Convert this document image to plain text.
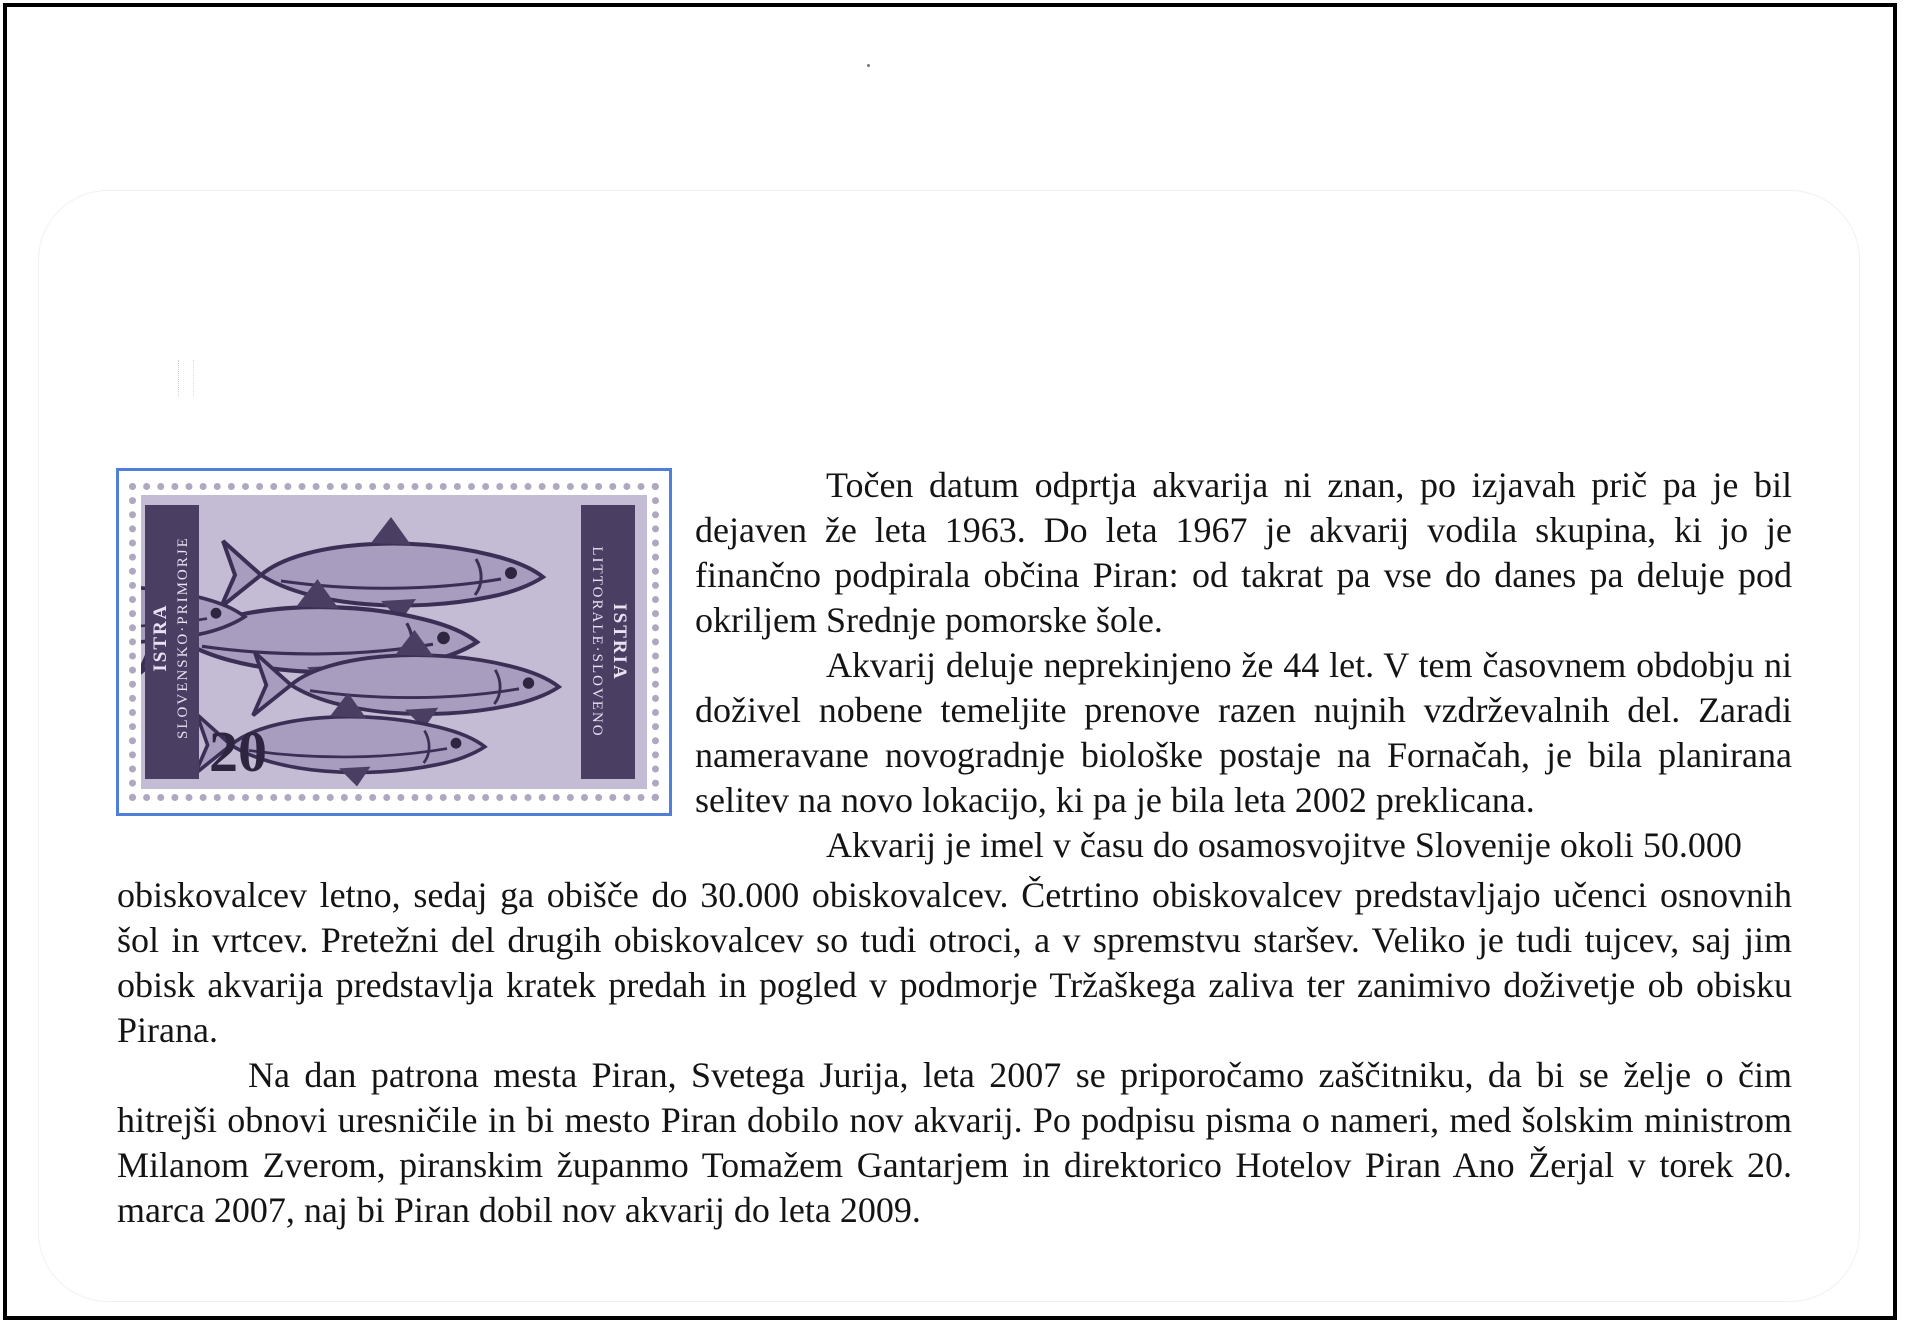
ISTRA SLOVENSKO·PRIMORJE	ISTRIA
LITTORALE·SLOVENO
20

Točen datum odprtja akvarija ni znan, po izjavah prič pa je bil dejaven že leta 1963. Do leta 1967 je akvarij vodila skupina, ki jo je finančno podpirala občina Piran: od takrat pa vse do danes pa deluje pod okriljem Srednje pomorske šole.

Akvarij deluje neprekinjeno že 44 let. V tem časovnem obdobju ni doživel nobene temeljite prenove razen nujnih vzdrževalnih del. Zaradi nameravane novogradnje biološke postaje na Fornačah, je bila planirana selitev na novo lokacijo, ki pa je bila leta 2002 preklicana.

Akvarij je imel v času do osamosvojitve Slovenije okoli 50.000

obiskovalcev letno, sedaj ga obišče do 30.000 obiskovalcev. Četrtino obiskovalcev predstavljajo učenci osnovnih šol in vrtcev. Pretežni del drugih obiskovalcev so tudi otroci, a v spremstvu staršev. Veliko je tudi tujcev, saj jim obisk akvarija predstavlja kratek predah in pogled v podmorje Tržaškega zaliva ter zanimivo doživetje ob obisku Pirana.

Na dan patrona mesta Piran, Svetega Jurija, leta 2007 se priporočamo zaščitniku, da bi se želje o čim hitrejši obnovi uresničile in bi mesto Piran dobilo nov akvarij. Po podpisu pisma o nameri, med šolskim ministrom Milanom Zverom, piranskim županmo Tomažem Gantarjem in direktorico Hotelov Piran Ano Žerjal v torek 20. marca 2007, naj bi Piran dobil nov akvarij do leta 2009.
